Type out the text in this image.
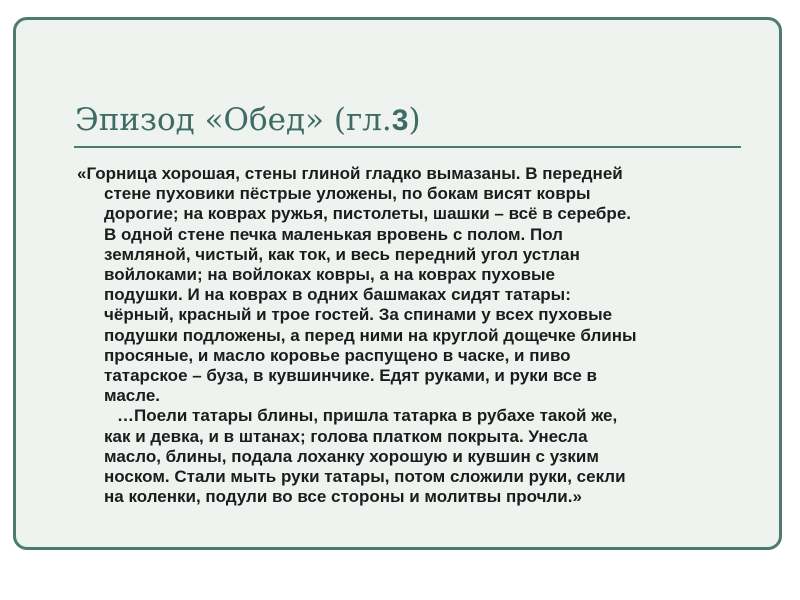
Эпизод «Обед» (гл.3)
«Горница хорошая, стены глиной гладко вымазаны. В передней
стене пуховики пёстрые уложены, по бокам висят ковры
дорогие; на коврах ружья, пистолеты, шашки – всё в серебре.
В одной стене печка маленькая вровень с полом. Пол
земляной, чистый, как ток, и весь передний угол устлан
войлоками; на войлоках ковры, а на коврах пуховые
подушки. И на коврах в одних башмаках сидят татары:
чёрный, красный и трое гостей. За спинами у всех пуховые
подушки подложены, а перед ними на круглой дощечке блины
просяные, и масло коровье распущено в часке, и пиво
татарское – буза, в кувшинчике. Едят руками, и руки все в
масле.
…Поели татары блины, пришла татарка в рубахе такой же,
как и девка, и в штанах; голова платком покрыта. Унесла
масло, блины, подала лоханку хорошую и кувшин с узким
носком. Стали мыть руки татары, потом сложили руки, секли
на коленки, подули во все стороны и молитвы прочли.»
